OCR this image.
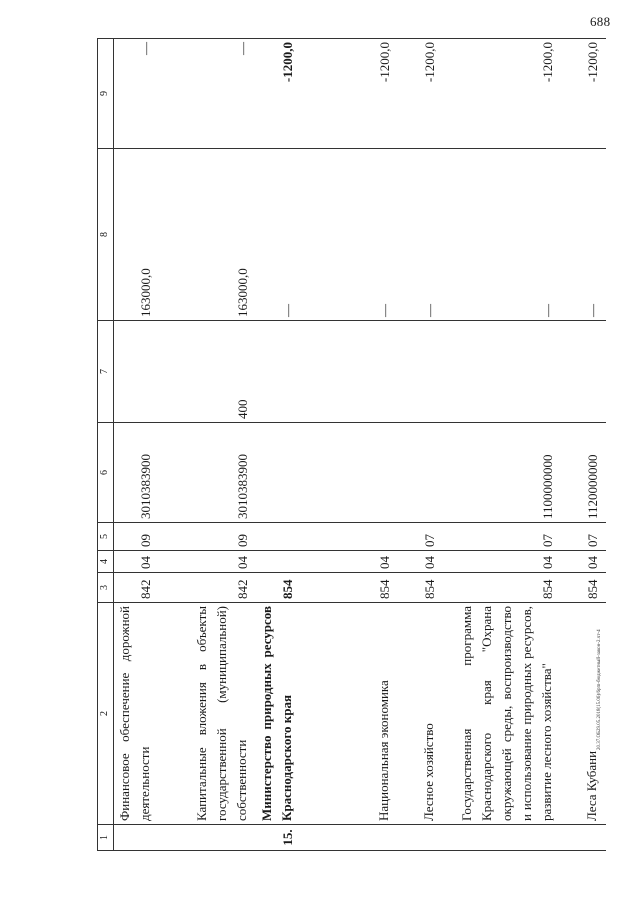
688
20.37.ОБ29.05.2018(15.06)/6pm-бюджетный-закон-2.чт-4
1	2	3	4	5	6	7	8	9
	Финансовое обеспечение дорожной деятельности	842	04	09	3010383900		163000,0	—
	Капитальные вложения в объекты государственной (муниципальной) собственности	842	04	09	3010383900	400	163000,0	—
15.	Министерство природных ресурсов Краснодарского края	854					—	-1200,0
	Национальная экономика	854	04				—	-1200,0
	Лесное хозяйство	854	04	07			—	-1200,0
	Государственная программа Краснодарского края "Охрана окружающей среды, воспроизводство и использование природных ресурсов, развитие лесного хозяйства"	854	04	07	1100000000		—	-1200,0
	Леса Кубани	854	04	07	1120000000		—	-1200,0
